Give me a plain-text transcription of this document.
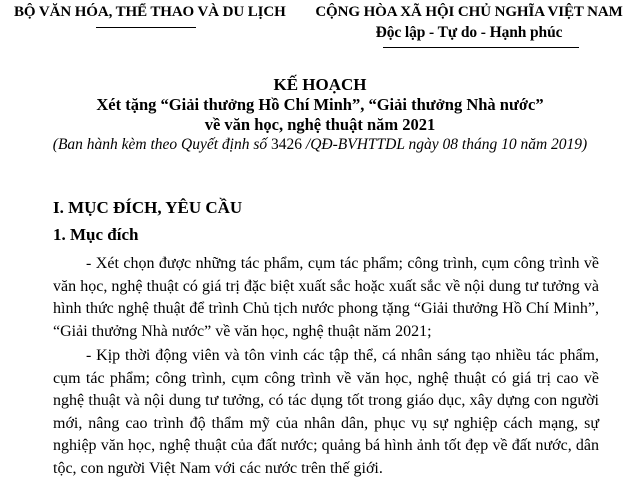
BỘ VĂN HÓA, THỂ THAO VÀ DU LỊCH	CỘNG HÒA XÃ HỘI CHỦ NGHĨA VIỆT NAM
Độc lập - Tự do - Hạnh phúc
KẾ HOẠCH
Xét tặng “Giải thưởng Hồ Chí Minh”, “Giải thưởng Nhà nước”
về văn học, nghệ thuật năm 2021
(Ban hành kèm theo Quyết định số 3426 /QĐ-BVHTTDL ngày 08 tháng 10 năm 2019)
I. MỤC ĐÍCH, YÊU CẦU
1. Mục đích

- Xét chọn được những tác phẩm, cụm tác phẩm; công trình, cụm công trình về văn học, nghệ thuật có giá trị đặc biệt xuất sắc hoặc xuất sắc về nội dung tư tưởng và hình thức nghệ thuật để trình Chủ tịch nước phong tặng “Giải thưởng Hồ Chí Minh”, “Giải thưởng Nhà nước” về văn học, nghệ thuật năm 2021;

- Kịp thời động viên và tôn vinh các tập thể, cá nhân sáng tạo nhiều tác phẩm, cụm tác phẩm; công trình, cụm công trình về văn học, nghệ thuật có giá trị cao về nghệ thuật và nội dung tư tưởng, có tác dụng tốt trong giáo dục, xây dựng con người mới, nâng cao trình độ thẩm mỹ của nhân dân, phục vụ sự nghiệp cách mạng, sự nghiệp văn học, nghệ thuật của đất nước; quảng bá hình ảnh tốt đẹp về đất nước, dân tộc, con người Việt Nam với các nước trên thế giới.
